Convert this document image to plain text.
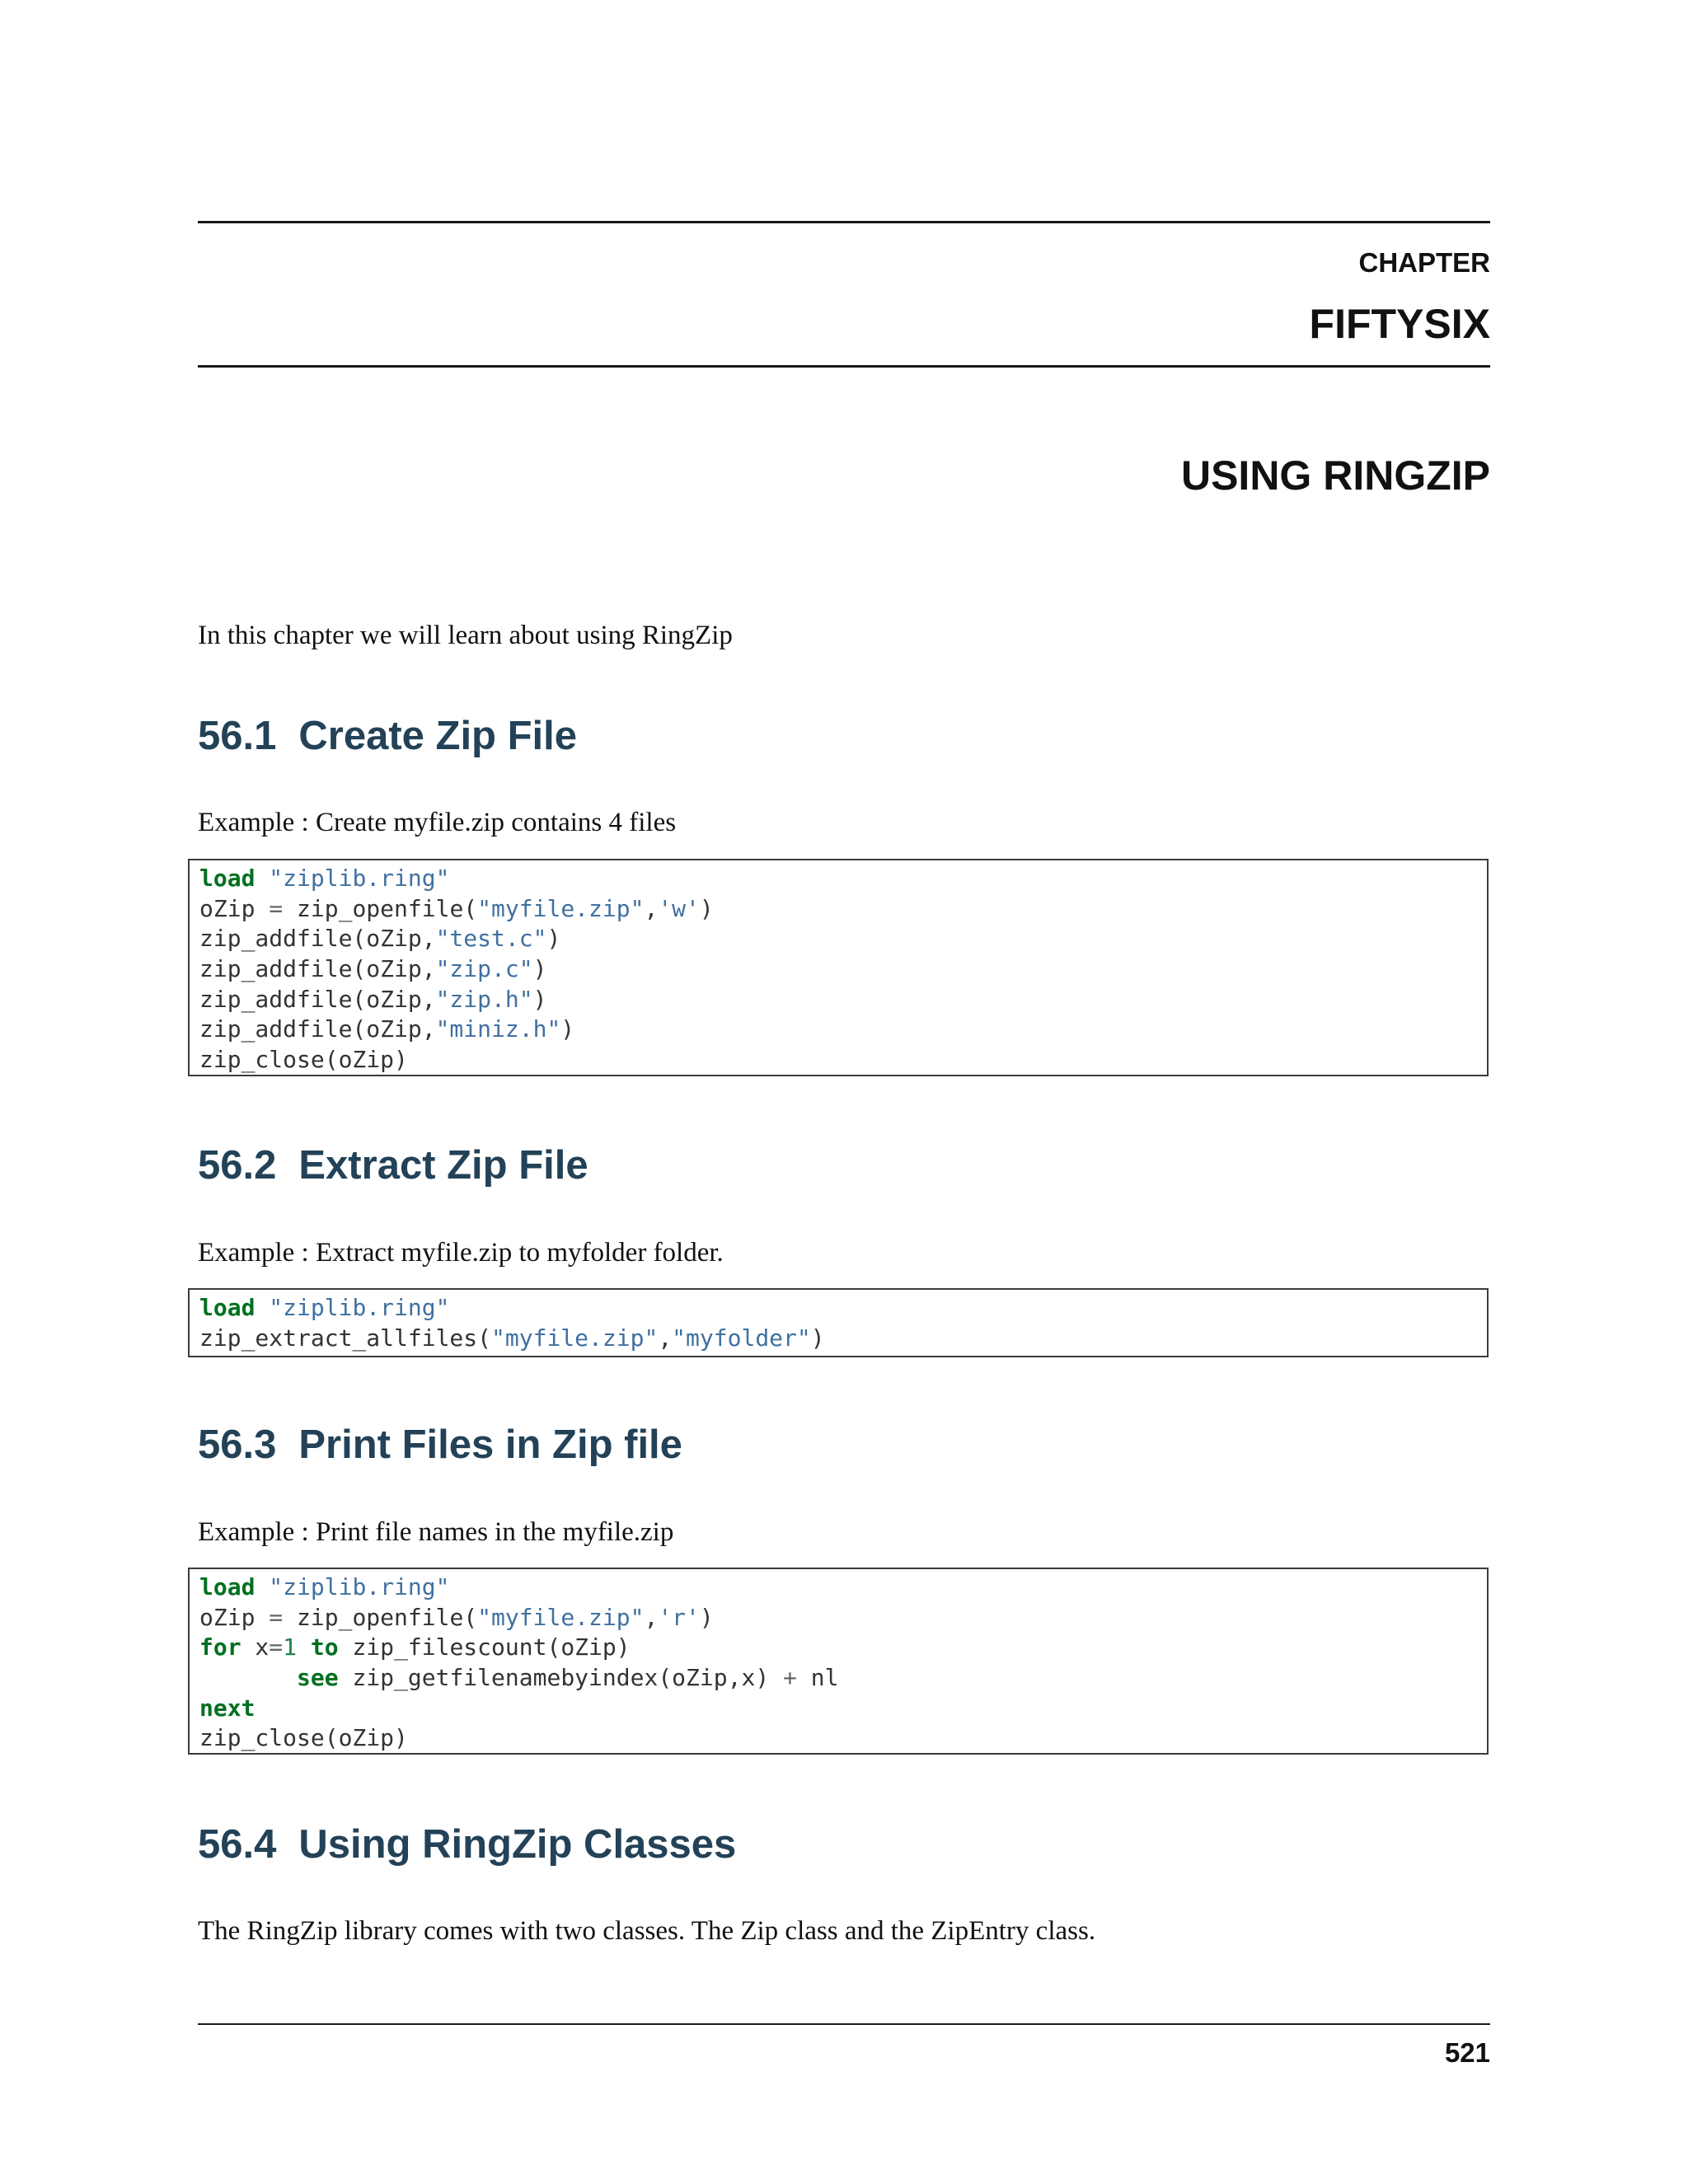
CHAPTER
FIFTYSIX
USING RINGZIP
In this chapter we will learn about using RingZip
56.1 Create Zip File
Example : Create myfile.zip contains 4 files
load "ziplib.ring"
oZip = zip_openfile("myfile.zip",'w')
zip_addfile(oZip,"test.c")
zip_addfile(oZip,"zip.c")
zip_addfile(oZip,"zip.h")
zip_addfile(oZip,"miniz.h")
zip_close(oZip)
56.2 Extract Zip File
Example : Extract myfile.zip to myfolder folder.
load "ziplib.ring"
zip_extract_allfiles("myfile.zip","myfolder")
56.3 Print Files in Zip file
Example : Print file names in the myfile.zip
load "ziplib.ring"
oZip = zip_openfile("myfile.zip",'r')
for x=1 to zip_filescount(oZip)
see zip_getfilenamebyindex(oZip,x) + nl
next
zip_close(oZip)
56.4 Using RingZip Classes
The RingZip library comes with two classes. The Zip class and the ZipEntry class.
521
